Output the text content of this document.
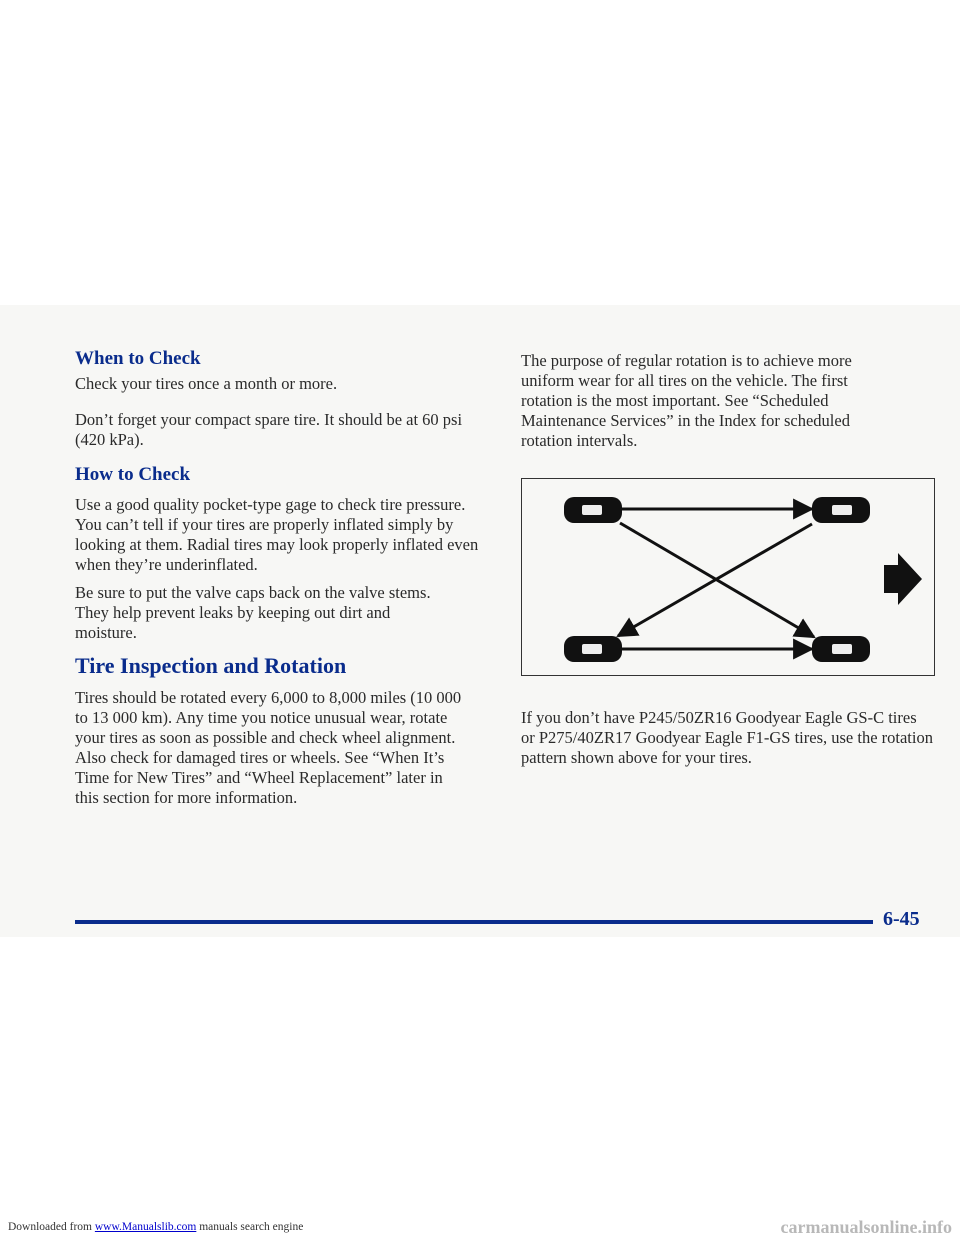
When to Check

Check your tires once a month or more.

Don’t forget your compact spare tire. It should be at 60 psi (420 kPa).

How to Check

Use a good quality pocket-type gage to check tire pressure. You can’t tell if your tires are properly inflated simply by looking at them. Radial tires may look properly inflated even when they’re underinflated.

Be sure to put the valve caps back on the valve stems. They help prevent leaks by keeping out dirt and moisture.

Tire Inspection and Rotation

Tires should be rotated every 6,000 to 8,000 miles (10 000 to 13 000 km). Any time you notice unusual wear, rotate your tires as soon as possible and check wheel alignment. Also check for damaged tires or wheels. See “When It’s Time for New Tires” and “Wheel Replacement” later in this section for more information.

The purpose of regular rotation is to achieve more uniform wear for all tires on the vehicle. The first rotation is the most important. See “Scheduled Maintenance Services” in the Index for scheduled rotation intervals.

If you don’t have P245/50ZR16 Goodyear Eagle GS-C tires or P275/40ZR17 Goodyear Eagle F1-GS tires, use the rotation pattern shown above for your tires.

6-45
Downloaded from www.Manualslib.com manuals search engine	carmanualsonline.info
